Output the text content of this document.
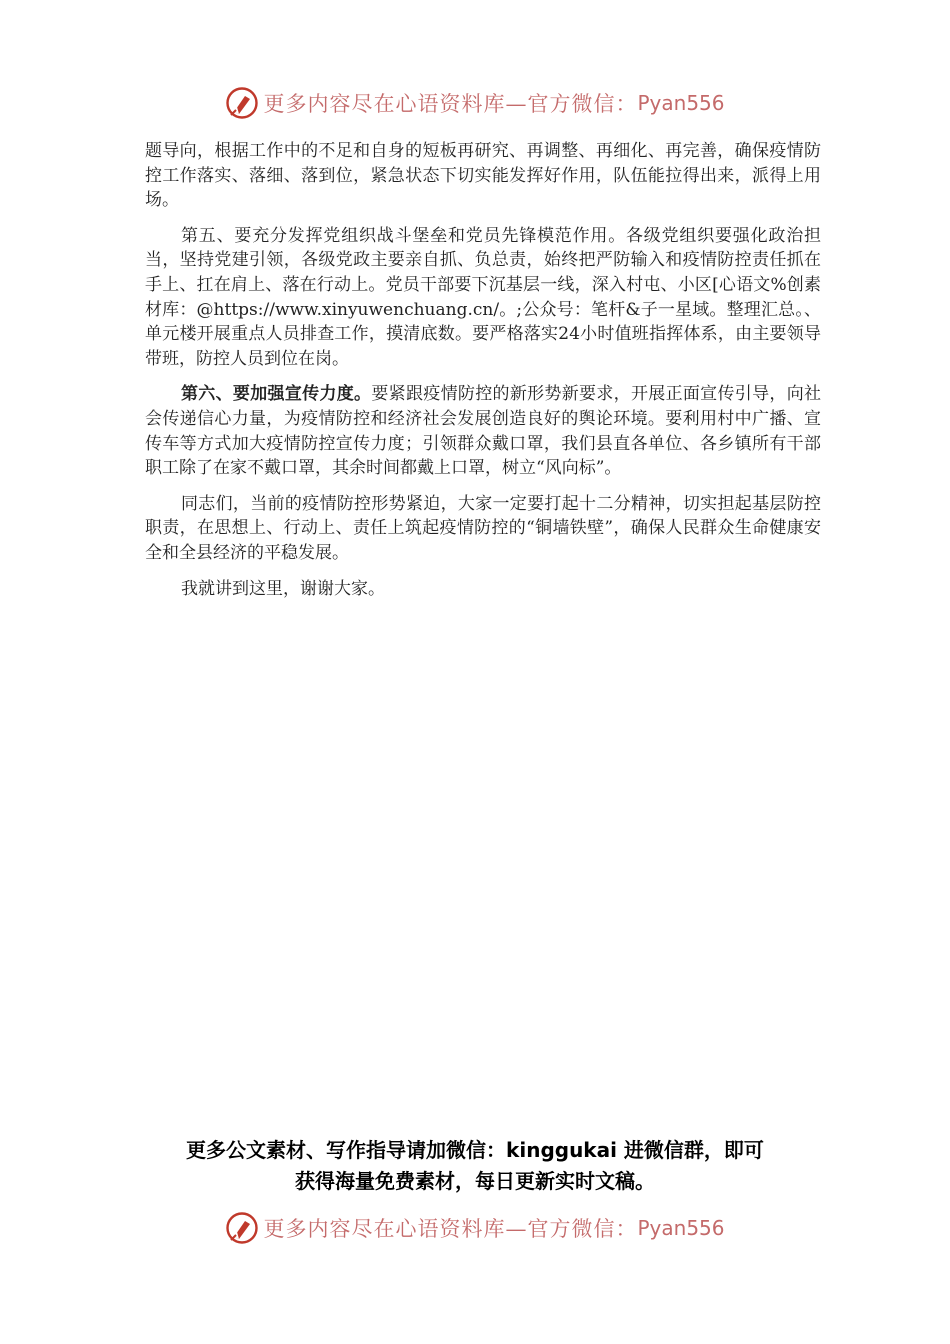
更多内容尽在心语资料库—官方微信： Pyan556

题导向，根据工作中的不足和自身的短板再研究、再调整、再细化、再完善，确保疫情防控工作落实、落细、落到位，紧急状态下切实能发挥好作用，队伍能拉得出来，派得上用场。

第五、要充分发挥党组织战斗堡垒和党员先锋模范作用。各级党组织要强化政治担当，坚持党建引领，各级党政主要亲自抓、负总责，始终把严防输入和疫情防控责任抓在手上、扛在肩上、落在行动上。党员干部要下沉基层一线，深入村屯、小区[心语文%创素材库：@https://www.xinyuwenchuang.cn/。;公众号：笔杆&子一星域。整理汇总。、单元楼开展重点人员排查工作，摸清底数。要严格落实24小时值班指挥体系，由主要领导带班，防控人员到位在岗。

第六、要加强宣传力度。要紧跟疫情防控的新形势新要求，开展正面宣传引导，向社会传递信心力量，为疫情防控和经济社会发展创造良好的舆论环境。要利用村中广播、宣传车等方式加大疫情防控宣传力度；引领群众戴口罩，我们县直各单位、各乡镇所有干部职工除了在家不戴口罩，其余时间都戴上口罩，树立“风向标”。

同志们，当前的疫情防控形势紧迫，大家一定要打起十二分精神，切实担起基层防控职责，在思想上、行动上、责任上筑起疫情防控的“铜墙铁壁”，确保人民群众生命健康安全和全县经济的平稳发展。

我就讲到这里，谢谢大家。

更多公文素材、写作指导请加微信：kinggukai 进微信群，即可
获得海量免费素材，每日更新实时文稿。
更多内容尽在心语资料库—官方微信： Pyan556
